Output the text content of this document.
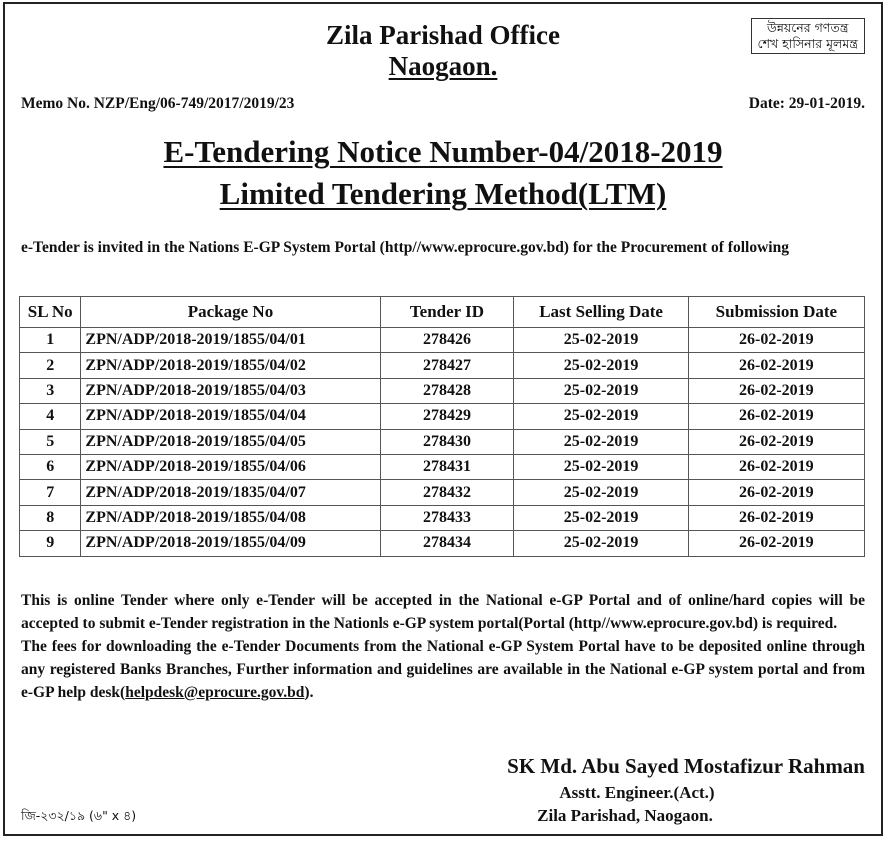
Zila Parishad Office
Naogaon.
উন্নয়নের গণতন্ত্র
শেখ হাসিনার মূলমন্ত্র
Memo No. NZP/Eng/06-749/2017/2019/23	Date: 29-01-2019.
E-Tendering Notice Number-04/2018-2019
Limited Tendering Method(LTM)
e-Tender is invited in the Nations E-GP System Portal (http//www.eprocure.gov.bd) for the Procurement of following
SL No	Package No	Tender ID	Last Selling Date	Submission Date
1	ZPN/ADP/2018-2019/1855/04/01	278426	25-02-2019	26-02-2019
2	ZPN/ADP/2018-2019/1855/04/02	278427	25-02-2019	26-02-2019
3	ZPN/ADP/2018-2019/1855/04/03	278428	25-02-2019	26-02-2019
4	ZPN/ADP/2018-2019/1855/04/04	278429	25-02-2019	26-02-2019
5	ZPN/ADP/2018-2019/1855/04/05	278430	25-02-2019	26-02-2019
6	ZPN/ADP/2018-2019/1855/04/06	278431	25-02-2019	26-02-2019
7	ZPN/ADP/2018-2019/1835/04/07	278432	25-02-2019	26-02-2019
8	ZPN/ADP/2018-2019/1855/04/08	278433	25-02-2019	26-02-2019
9	ZPN/ADP/2018-2019/1855/04/09	278434	25-02-2019	26-02-2019

This is online Tender where only e-Tender will be accepted in the National e-GP Portal and of online/hard copies will be accepted to submit e-Tender registration in the Nationls e-GP system portal(Portal (http//www.eprocure.gov.bd) is required.

The fees for downloading the e-Tender Documents from the National e-GP System Portal have to be deposited online through any registered Banks Branches, Further information and guidelines are available in the National e-GP system portal and from e-GP help desk(helpdesk@eprocure.gov.bd).

SK Md. Abu Sayed Mostafizur Rahman
Asstt. Engineer.(Act.)
Zila Parishad, Naogaon.
জি-২৩২/১৯ (৬" x ৪)
